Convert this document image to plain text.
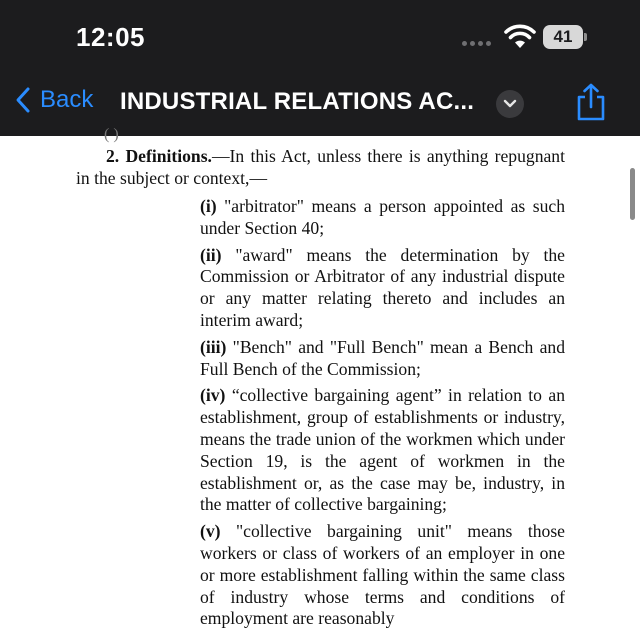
12:05	41
Back INDUSTRIAL RELATIONS AC...
( )

2. Definitions.—In this Act, unless there is anything repugnant in the subject or context,—

(i) "arbitrator" means a person appointed as such under Section 40;

(ii) "award" means the determination by the Commission or Arbitrator of any industrial dispute or any matter relating thereto and includes an interim award;

(iii) "Bench" and "Full Bench" mean a Bench and Full Bench of the Commission;

(iv) “collective bargaining agent” in relation to an establishment, group of establishments or industry, means the trade union of the workmen which under Section 19, is the agent of workmen in the establishment or, as the case may be, industry, in the matter of collective bargaining;

(v) "collective bargaining unit" means those workers or class of workers of an employer in one or more establishment falling within the same class of industry whose terms and conditions of employment are reasonably
